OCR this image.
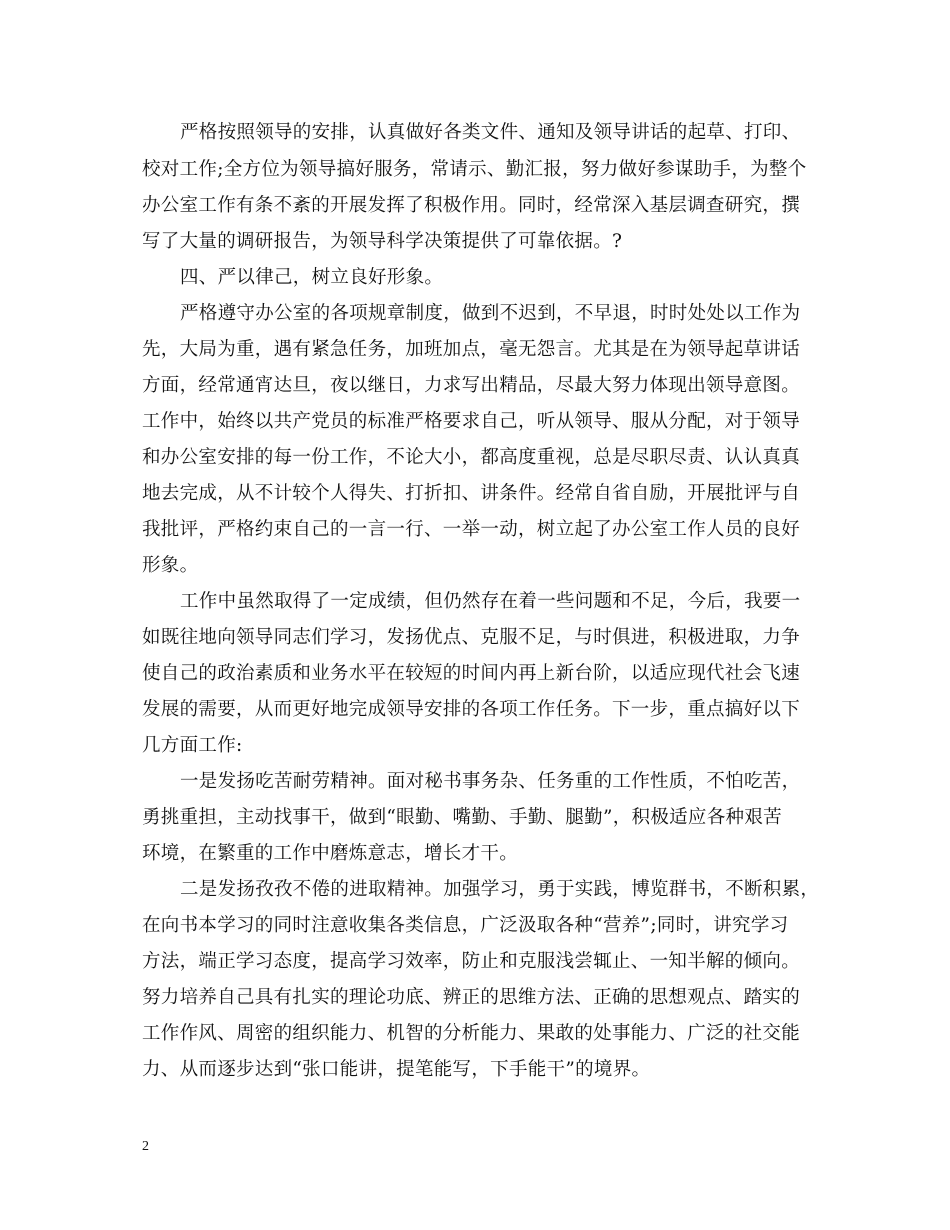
严格按照领导的安排，认真做好各类文件、通知及领导讲话的起草、打印、
校对工作;全方位为领导搞好服务，常请示、勤汇报，努力做好参谋助手，为整个
办公室工作有条不紊的开展发挥了积极作用。同时，经常深入基层调查研究，撰
写了大量的调研报告，为领导科学决策提供了可靠依据。?
四、严以律己，树立良好形象。
严格遵守办公室的各项规章制度，做到不迟到，不早退，时时处处以工作为
先，大局为重，遇有紧急任务，加班加点，毫无怨言。尤其是在为领导起草讲话
方面，经常通宵达旦，夜以继日，力求写出精品，尽最大努力体现出领导意图。
工作中，始终以共产党员的标准严格要求自己，听从领导、服从分配，对于领导
和办公室安排的每一份工作，不论大小，都高度重视，总是尽职尽责、认认真真
地去完成，从不计较个人得失、打折扣、讲条件。经常自省自励，开展批评与自
我批评，严格约束自己的一言一行、一举一动，树立起了办公室工作人员的良好
形象。
工作中虽然取得了一定成绩，但仍然存在着一些问题和不足，今后，我要一
如既往地向领导同志们学习，发扬优点、克服不足，与时俱进，积极进取，力争
使自己的政治素质和业务水平在较短的时间内再上新台阶，以适应现代社会飞速
发展的需要，从而更好地完成领导安排的各项工作任务。下一步，重点搞好以下
几方面工作:
一是发扬吃苦耐劳精神。面对秘书事务杂、任务重的工作性质，不怕吃苦，
勇挑重担，主动找事干，做到“眼勤、嘴勤、手勤、腿勤”，积极适应各种艰苦
环境，在繁重的工作中磨炼意志，增长才干。
二是发扬孜孜不倦的进取精神。加强学习，勇于实践，博览群书，不断积累，
在向书本学习的同时注意收集各类信息，广泛汲取各种“营养”;同时，讲究学习
方法，端正学习态度，提高学习效率，防止和克服浅尝辄止、一知半解的倾向。
努力培养自己具有扎实的理论功底、辨正的思维方法、正确的思想观点、踏实的
工作作风、周密的组织能力、机智的分析能力、果敢的处事能力、广泛的社交能
力、从而逐步达到“张口能讲，提笔能写，下手能干”的境界。
2
